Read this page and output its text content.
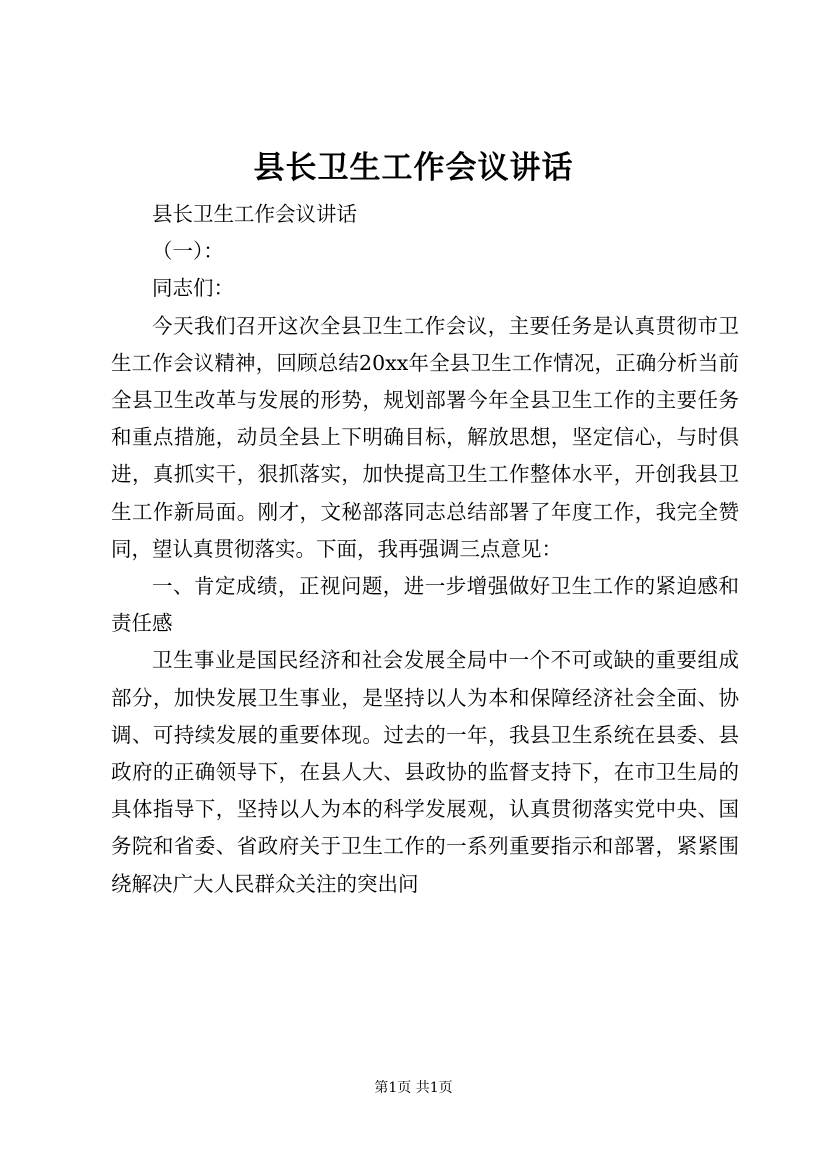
县长卫生工作会议讲话

县长卫生工作会议讲话

（一）：

同志们：

今天我们召开这次全县卫生工作会议，主要任务是认真贯彻市卫生工作会议精神，回顾总结20xx年全县卫生工作情况，正确分析当前全县卫生改革与发展的形势，规划部署今年全县卫生工作的主要任务和重点措施，动员全县上下明确目标，解放思想，坚定信心，与时俱进，真抓实干，狠抓落实，加快提高卫生工作整体水平，开创我县卫生工作新局面。刚才，文秘部落同志总结部署了年度工作，我完全赞同，望认真贯彻落实。下面，我再强调三点意见：

一、肯定成绩，正视问题，进一步增强做好卫生工作的紧迫感和责任感

卫生事业是国民经济和社会发展全局中一个不可或缺的重要组成部分，加快发展卫生事业，是坚持以人为本和保障经济社会全面、协调、可持续发展的重要体现。过去的一年，我县卫生系统在县委、县政府的正确领导下，在县人大、县政协的监督支持下，在市卫生局的具体指导下，坚持以人为本的科学发展观，认真贯彻落实党中央、国务院和省委、省政府关于卫生工作的一系列重要指示和部署，紧紧围绕解决广大人民群众关注的突出问

第1页 共1页
